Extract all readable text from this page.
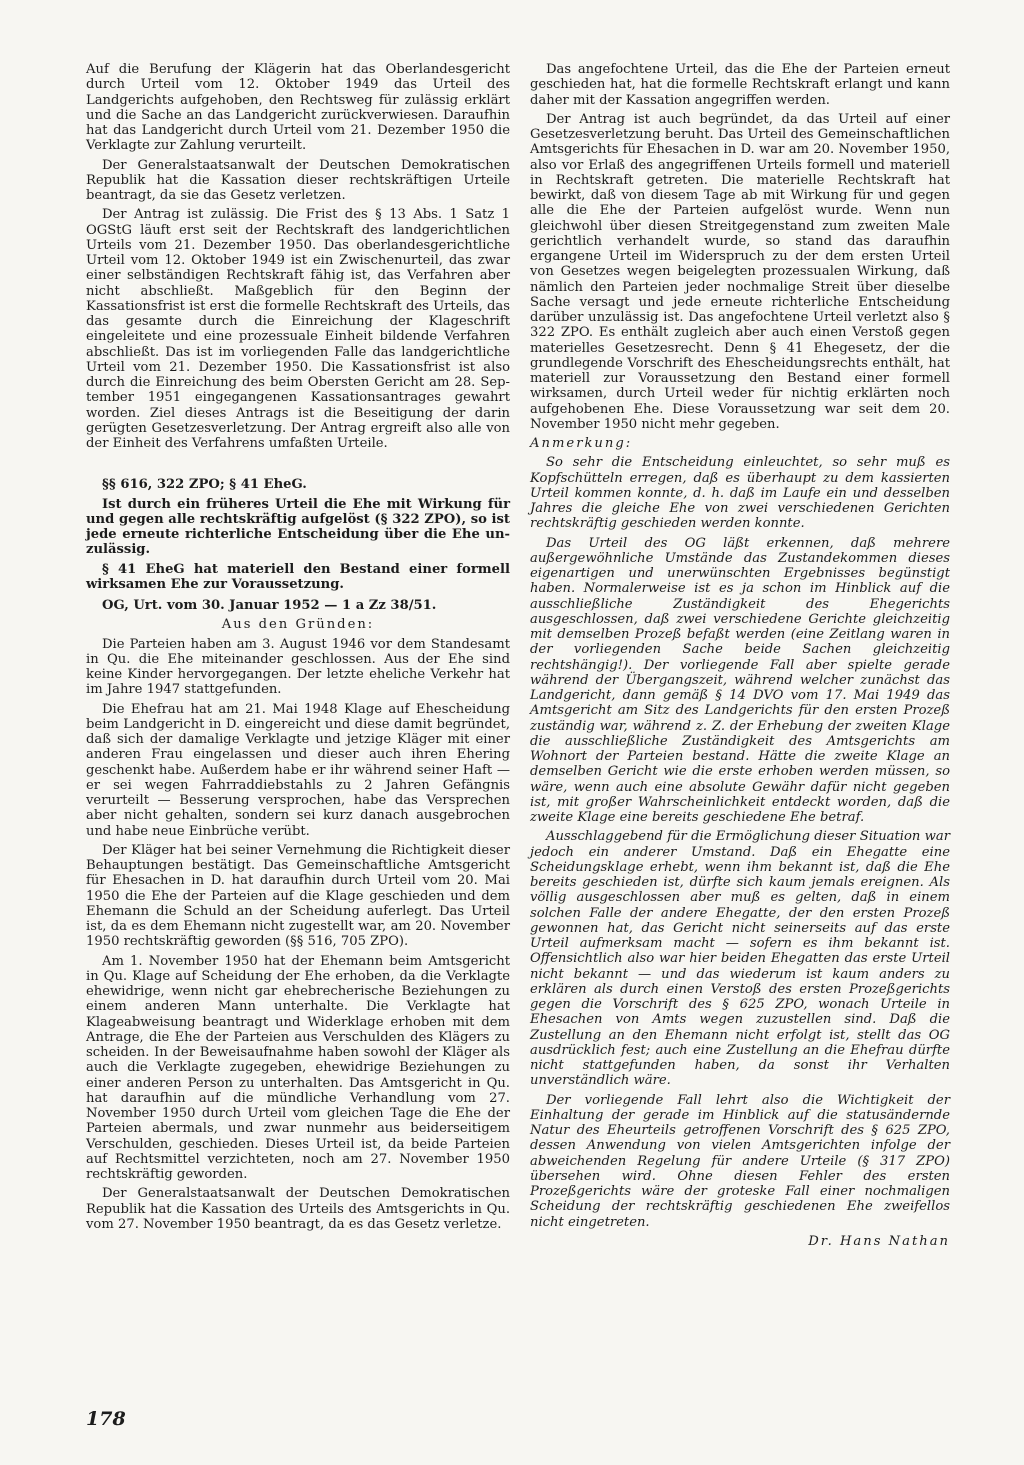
Auf die Berufung der Klägerin hat das Oberlandesgericht durch Urteil vom 12. Oktober 1949 das Urteil des Landgerichts aufgehoben, den Rechtsweg für zulässig erklärt und die Sache an das Landgericht zurückverwiesen. Daraufhin hat das Landgericht durch Urteil vom 21. Dezember 1950 die Verklagte zur Zahlung verurteilt.

Der Generalstaatsanwalt der Deutschen Demokratischen Republik hat die Kassation dieser rechtskräftigen Urteile beantragt, da sie das Gesetz verletzen.

Der Antrag ist zulässig. Die Frist des § 13 Abs. 1 Satz 1 OGStG läuft erst seit der Rechtskraft des landgerichtlichen Urteils vom 21. Dezember 1950. Das oberlandesgerichtliche Urteil vom 12. Oktober 1949 ist ein Zwischenurteil, das zwar einer selbständigen Rechtskraft fähig ist, das Verfahren aber nicht abschließt. Maßgeblich für den Beginn der Kassationsfrist ist erst die formelle Rechtskraft des Urteils, das das gesamte durch die Einreichung der Klageschrift eingeleitete und eine prozessuale Einheit bildende Verfahren abschließt. Das ist im vorliegenden Falle das landgerichtliche Urteil vom 21. Dezember 1950. Die Kassationsfrist ist also durch die Einreichung des beim Obersten Gericht am 28. September 1951 eingegangenen Kassationsantrages gewahrt worden. Ziel dieses Antrags ist die Beseitigung der darin gerügten Gesetzesverletzung. Der Antrag ergreift also alle von der Einheit des Verfahrens umfaßten Urteile.

§§ 616, 322 ZPO; § 41 EheG.

Ist durch ein früheres Urteil die Ehe mit Wirkung für und gegen alle rechtskräftig aufgelöst (§ 322 ZPO), so ist jede erneute richterliche Entscheidung über die Ehe unzulässig.

§ 41 EheG hat materiell den Bestand einer formell wirksamen Ehe zur Voraussetzung.

OG, Urt. vom 30. Januar 1952 — 1 a Zz 38/51.

Aus den Gründen:

Die Parteien haben am 3. August 1946 vor dem Standesamt in Qu. die Ehe miteinander geschlossen. Aus der Ehe sind keine Kinder hervorgegangen. Der letzte eheliche Verkehr hat im Jahre 1947 stattgefunden.

Die Ehefrau hat am 21. Mai 1948 Klage auf Ehescheidung beim Landgericht in D. eingereicht und diese damit begründet, daß sich der damalige Verklagte und jetzige Kläger mit einer anderen Frau eingelassen und dieser auch ihren Ehering geschenkt habe. Außerdem habe er ihr während seiner Haft — er sei wegen Fahrraddiebstahls zu 2 Jahren Gefängnis verurteilt — Besserung versprochen, habe das Versprechen aber nicht gehalten, sondern sei kurz danach ausgebrochen und habe neue Einbrüche verübt.

Der Kläger hat bei seiner Vernehmung die Richtigkeit dieser Behauptungen bestätigt. Das Gemeinschaftliche Amtsgericht für Ehesachen in D. hat daraufhin durch Urteil vom 20. Mai 1950 die Ehe der Parteien auf die Klage geschieden und dem Ehemann die Schuld an der Scheidung auferlegt. Das Urteil ist, da es dem Ehemann nicht zugestellt war, am 20. November 1950 rechtskräftig geworden (§§ 516, 705 ZPO).

Am 1. November 1950 hat der Ehemann beim Amtsgericht in Qu. Klage auf Scheidung der Ehe erhoben, da die Verklagte ehewidrige, wenn nicht gar ehebrecherische Beziehungen zu einem anderen Mann unterhalte. Die Verklagte hat Klageabweisung beantragt und Widerklage erhoben mit dem Antrage, die Ehe der Parteien aus Verschulden des Klägers zu scheiden. In der Beweisaufnahme haben sowohl der Kläger als auch die Verklagte zugegeben, ehewidrige Beziehungen zu einer anderen Person zu unterhalten. Das Amtsgericht in Qu. hat daraufhin auf die mündliche Verhandlung vom 27. November 1950 durch Urteil vom gleichen Tage die Ehe der Parteien abermals, und zwar nunmehr aus beiderseitigem Verschulden, geschieden. Dieses Urteil ist, da beide Parteien auf Rechtsmittel verzichteten, noch am 27. November 1950 rechtskräftig geworden.

Der Generalstaatsanwalt der Deutschen Demokratischen Republik hat die Kassation des Urteils des Amtsgerichts in Qu. vom 27. November 1950 beantragt, da es das Gesetz verletze.

Das angefochtene Urteil, das die Ehe der Parteien erneut geschieden hat, hat die formelle Rechtskraft erlangt und kann daher mit der Kassation angegriffen werden.

Der Antrag ist auch begründet, da das Urteil auf einer Gesetzesverletzung beruht. Das Urteil des Gemeinschaftlichen Amtsgerichts für Ehesachen in D. war am 20. November 1950, also vor Erlaß des angegriffenen Urteils formell und materiell in Rechtskraft getreten. Die materielle Rechtskraft hat bewirkt, daß von diesem Tage ab mit Wirkung für und gegen alle die Ehe der Parteien aufgelöst wurde. Wenn nun gleichwohl über diesen Streitgegenstand zum zweiten Male gerichtlich verhandelt wurde, so stand das daraufhin ergangene Urteil im Widerspruch zu der dem ersten Urteil von Gesetzes wegen beigelegten prozessualen Wirkung, daß nämlich den Parteien jeder nochmalige Streit über dieselbe Sache versagt und jede erneute richterliche Entscheidung darüber unzulässig ist. Das angefochtene Urteil verletzt also § 322 ZPO. Es enthält zugleich aber auch einen Verstoß gegen materielles Gesetzesrecht. Denn § 41 Ehegesetz, der die grundlegende Vorschrift des Ehescheidungsrechts enthält, hat materiell zur Voraussetzung den Bestand einer formell wirksamen, durch Urteil weder für nichtig erklärten noch aufgehobenen Ehe. Diese Voraussetzung war seit dem 20. November 1950 nicht mehr gegeben.

Anmerkung:

So sehr die Entscheidung einleuchtet, so sehr muß es Kopfschütteln erregen, daß es überhaupt zu dem kassierten Urteil kommen konnte, d. h. daß im Laufe ein und desselben Jahres die gleiche Ehe von zwei verschiedenen Gerichten rechtskräftig geschieden werden konnte.

Das Urteil des OG läßt erkennen, daß mehrere außergewöhnliche Umstände das Zustandekommen dieses eigenartigen und unerwünschten Ergebnisses begünstigt haben. Normalerweise ist es ja schon im Hinblick auf die ausschließliche Zuständigkeit des Ehegerichts ausgeschlossen, daß zwei verschiedene Gerichte gleichzeitig mit demselben Prozeß befaßt werden (eine Zeitlang waren in der vorliegenden Sache beide Sachen gleichzeitig rechtshängig!). Der vorliegende Fall aber spielte gerade während der Übergangszeit, während welcher zunächst das Landgericht, dann gemäß § 14 DVO vom 17. Mai 1949 das Amtsgericht am Sitz des Landgerichts für den ersten Prozeß zuständig war, während z. Z. der Erhebung der zweiten Klage die ausschließliche Zuständigkeit des Amtsgerichts am Wohnort der Parteien bestand. Hätte die zweite Klage an demselben Gericht wie die erste erhoben werden müssen, so wäre, wenn auch eine absolute Gewähr dafür nicht gegeben ist, mit großer Wahrscheinlichkeit entdeckt worden, daß die zweite Klage eine bereits geschiedene Ehe betraf.

Ausschlaggebend für die Ermöglichung dieser Situation war jedoch ein anderer Umstand. Daß ein Ehegatte eine Scheidungsklage erhebt, wenn ihm bekannt ist, daß die Ehe bereits geschieden ist, dürfte sich kaum jemals ereignen. Als völlig ausgeschlossen aber muß es gelten, daß in einem solchen Falle der andere Ehegatte, der den ersten Prozeß gewonnen hat, das Gericht nicht seinerseits auf das erste Urteil aufmerksam macht — sofern es ihm bekannt ist. Offensichtlich also war hier beiden Ehegatten das erste Urteil nicht bekannt — und das wiederum ist kaum anders zu erklären als durch einen Verstoß des ersten Prozeßgerichts gegen die Vorschrift des § 625 ZPO, wonach Urteile in Ehesachen von Amts wegen zuzustellen sind. Daß die Zustellung an den Ehemann nicht erfolgt ist, stellt das OG ausdrücklich fest; auch eine Zustellung an die Ehefrau dürfte nicht stattgefunden haben, da sonst ihr Verhalten unverständlich wäre.

Der vorliegende Fall lehrt also die Wichtigkeit der Einhaltung der gerade im Hinblick auf die statusändernde Natur des Eheurteils getroffenen Vorschrift des § 625 ZPO, dessen Anwendung von vielen Amtsgerichten infolge der abweichenden Regelung für andere Urteile (§ 317 ZPO) übersehen wird. Ohne diesen Fehler des ersten Prozeßgerichts wäre der groteske Fall einer nochmaligen Scheidung der rechtskräftig geschiedenen Ehe zweifellos nicht eingetreten.

Dr. Hans Nathan

178
